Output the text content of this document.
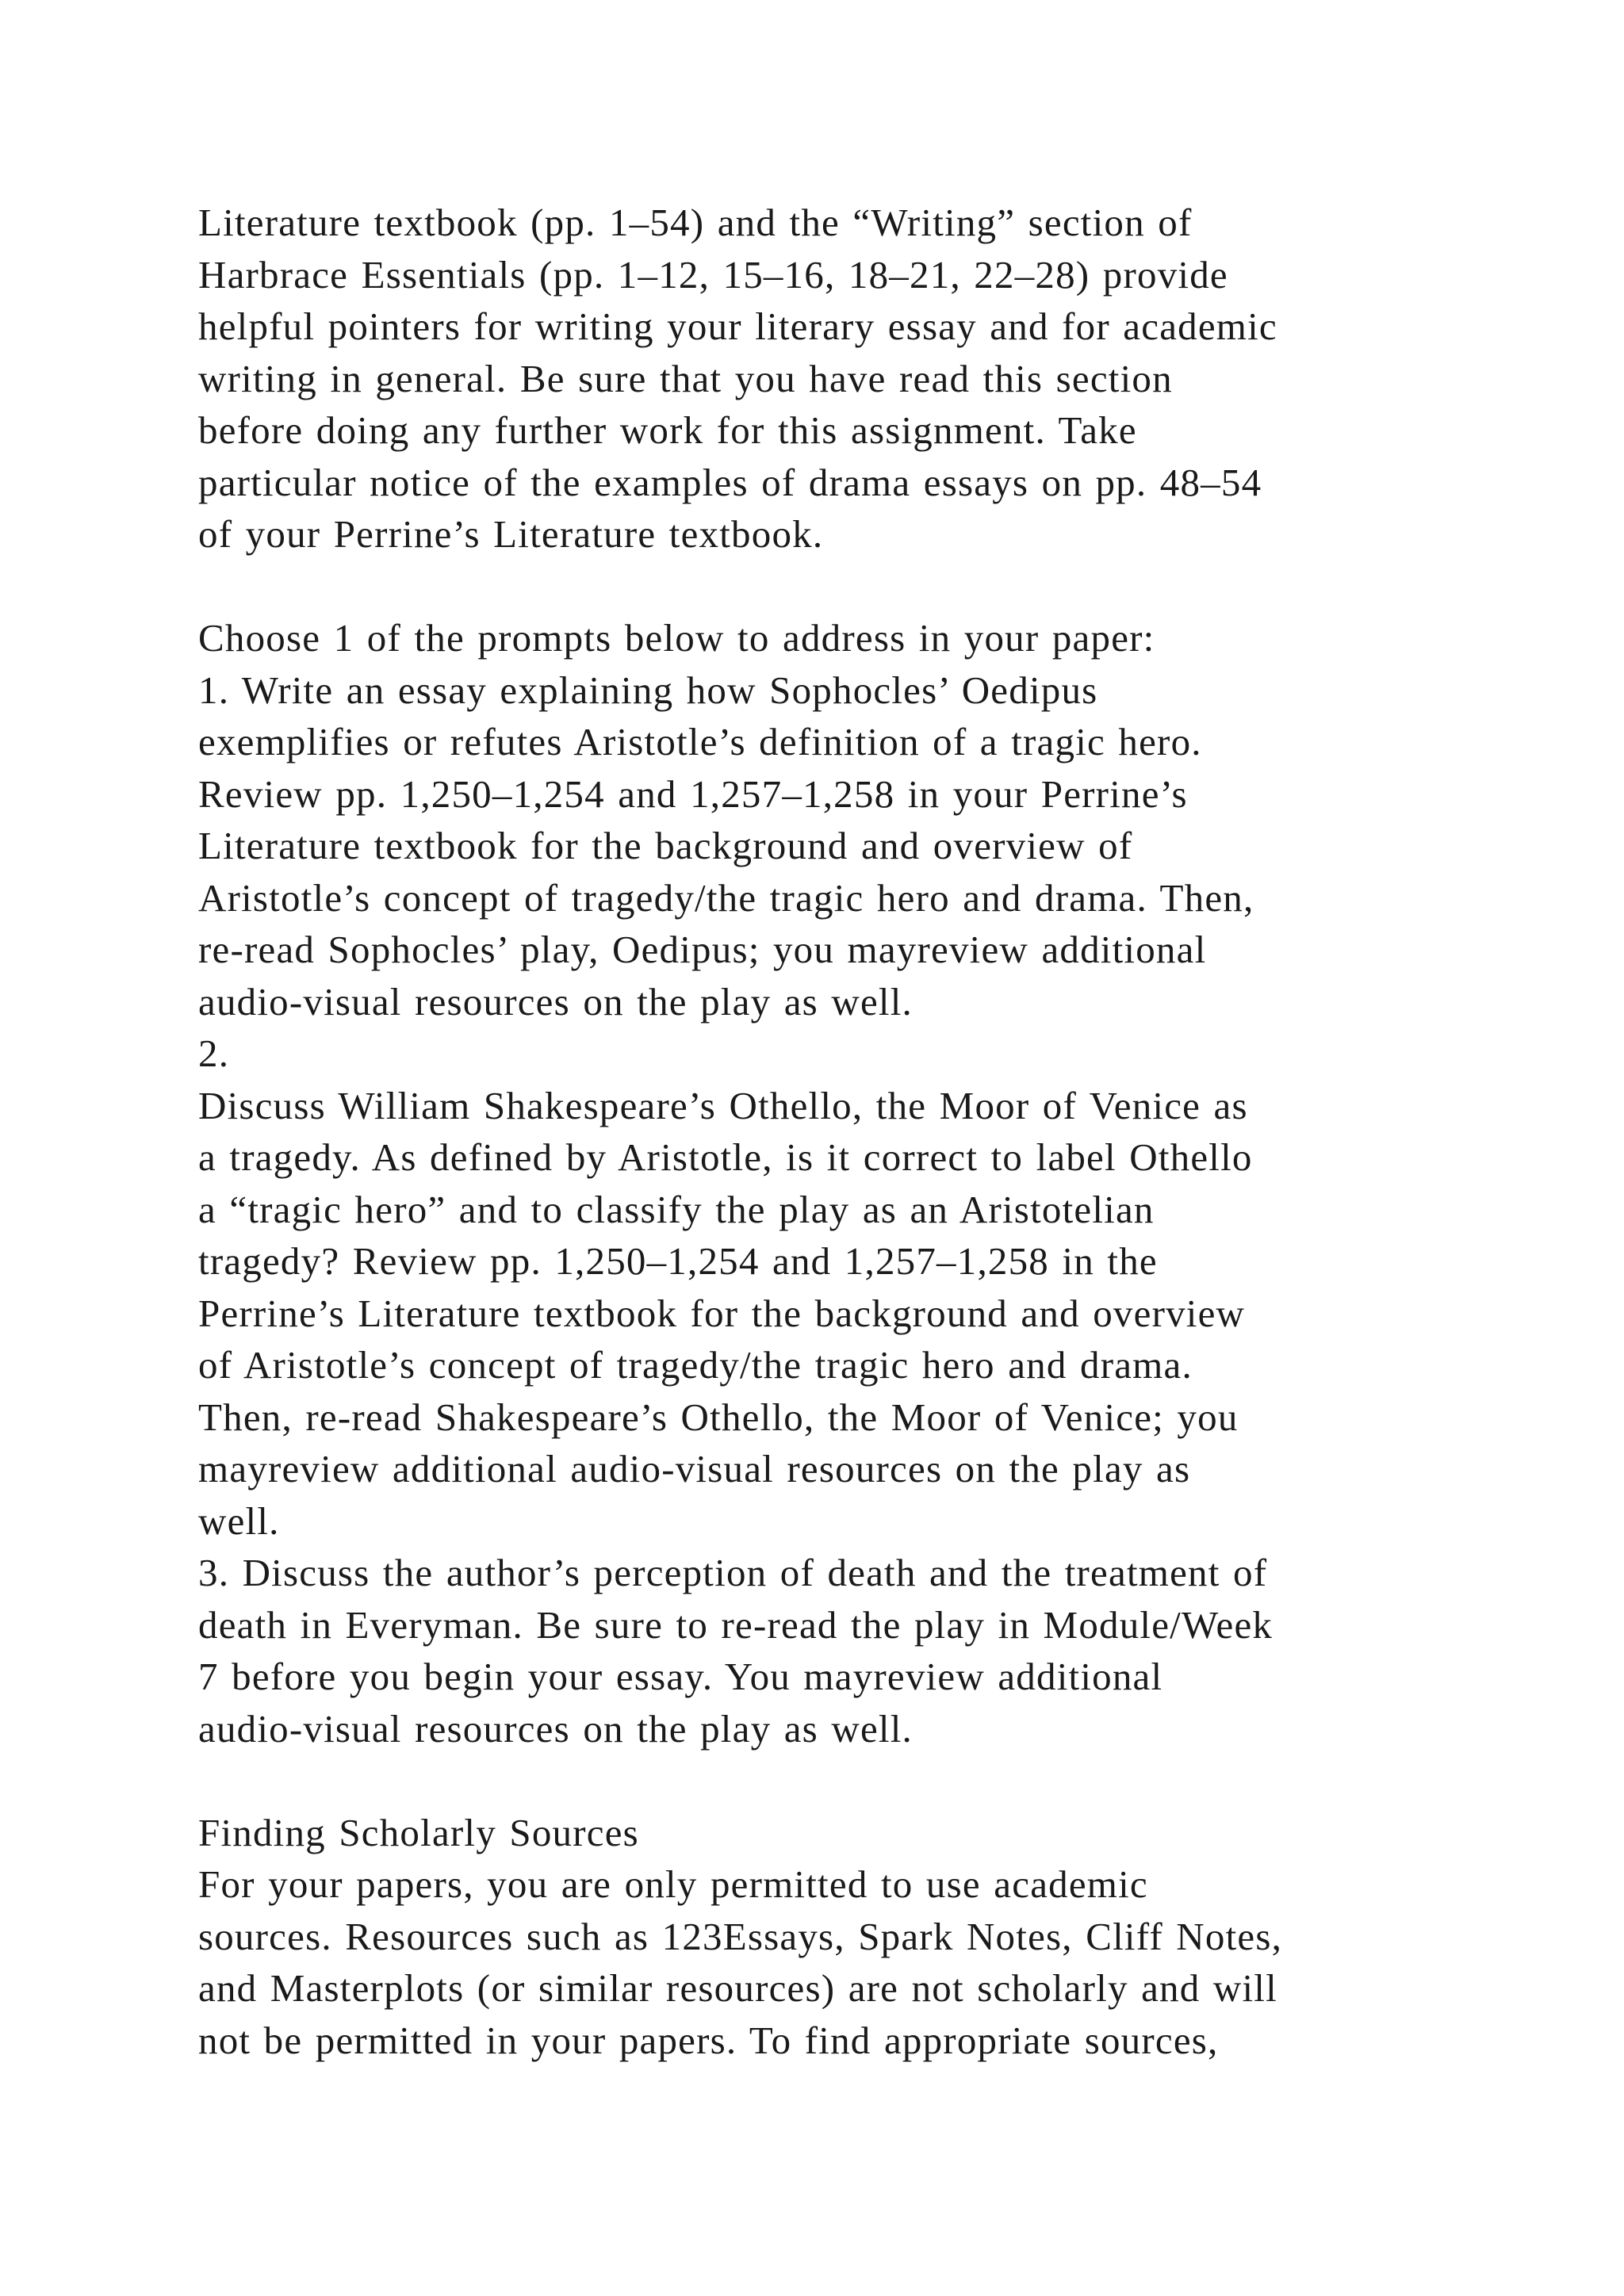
Literature textbook (pp. 1–54) and the “Writing” section of
Harbrace Essentials (pp. 1–12, 15–16, 18–21, 22–28) provide
helpful pointers for writing your literary essay and for academic
writing in general. Be sure that you have read this section
before doing any further work for this assignment. Take
particular notice of the examples of drama essays on pp. 48–54
of your Perrine’s Literature textbook.
Choose 1 of the prompts below to address in your paper:
1. Write an essay explaining how Sophocles’ Oedipus
exemplifies or refutes Aristotle’s definition of a tragic hero.
Review pp. 1,250–1,254 and 1,257–1,258 in your Perrine’s
Literature textbook for the background and overview of
Aristotle’s concept of tragedy/the tragic hero and drama. Then,
re-read Sophocles’ play, Oedipus; you mayreview additional
audio-visual resources on the play as well.
2.
Discuss William Shakespeare’s Othello, the Moor of Venice as
a tragedy. As defined by Aristotle, is it correct to label Othello
a “tragic hero” and to classify the play as an Aristotelian
tragedy? Review pp. 1,250–1,254 and 1,257–1,258 in the
Perrine’s Literature textbook for the background and overview
of Aristotle’s concept of tragedy/the tragic hero and drama.
Then, re-read Shakespeare’s Othello, the Moor of Venice; you
mayreview additional audio-visual resources on the play as
well.
3. Discuss the author’s perception of death and the treatment of
death in Everyman. Be sure to re-read the play in Module/Week
7 before you begin your essay. You mayreview additional
audio-visual resources on the play as well.
Finding Scholarly Sources
For your papers, you are only permitted to use academic
sources. Resources such as 123Essays, Spark Notes, Cliff Notes,
and Masterplots (or similar resources) are not scholarly and will
not be permitted in your papers. To find appropriate sources,
